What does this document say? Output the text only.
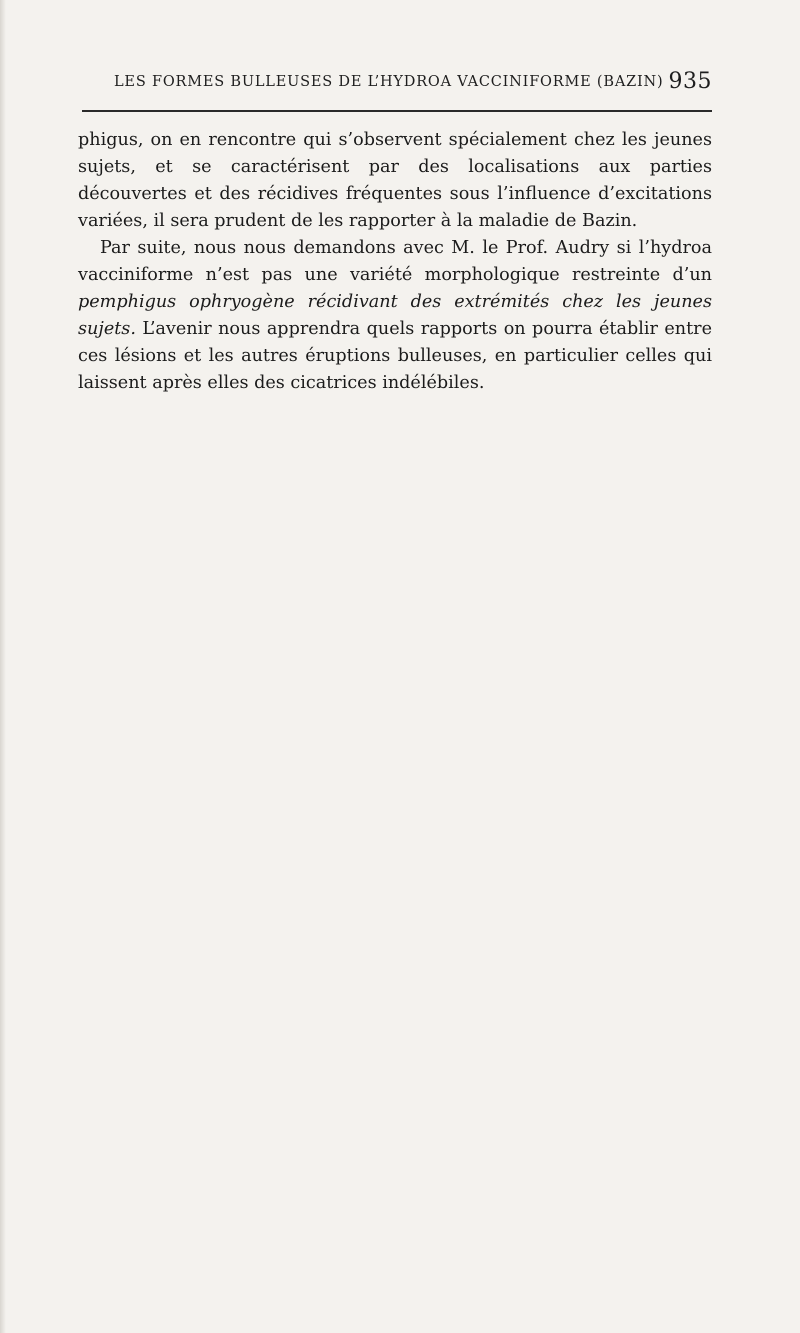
LES FORMES BULLEUSES DE L’HYDROA VACCINIFORME (BAZIN) 935

phigus, on en rencontre qui s’observent spécialement chez les jeunes sujets, et se caractérisent par des localisations aux parties découvertes et des récidives fréquentes sous l’influence d’excitations variées, il sera prudent de les rapporter à la maladie de Bazin.

Par suite, nous nous demandons avec M. le Prof. Audry si l’hydroa vacciniforme n’est pas une variété morphologique restreinte d’un pemphigus ophryogène récidivant des extrémités chez les jeunes sujets. L’avenir nous apprendra quels rapports on pourra établir entre ces lésions et les autres éruptions bulleuses, en particulier celles qui laissent après elles des cicatrices indélébiles.
